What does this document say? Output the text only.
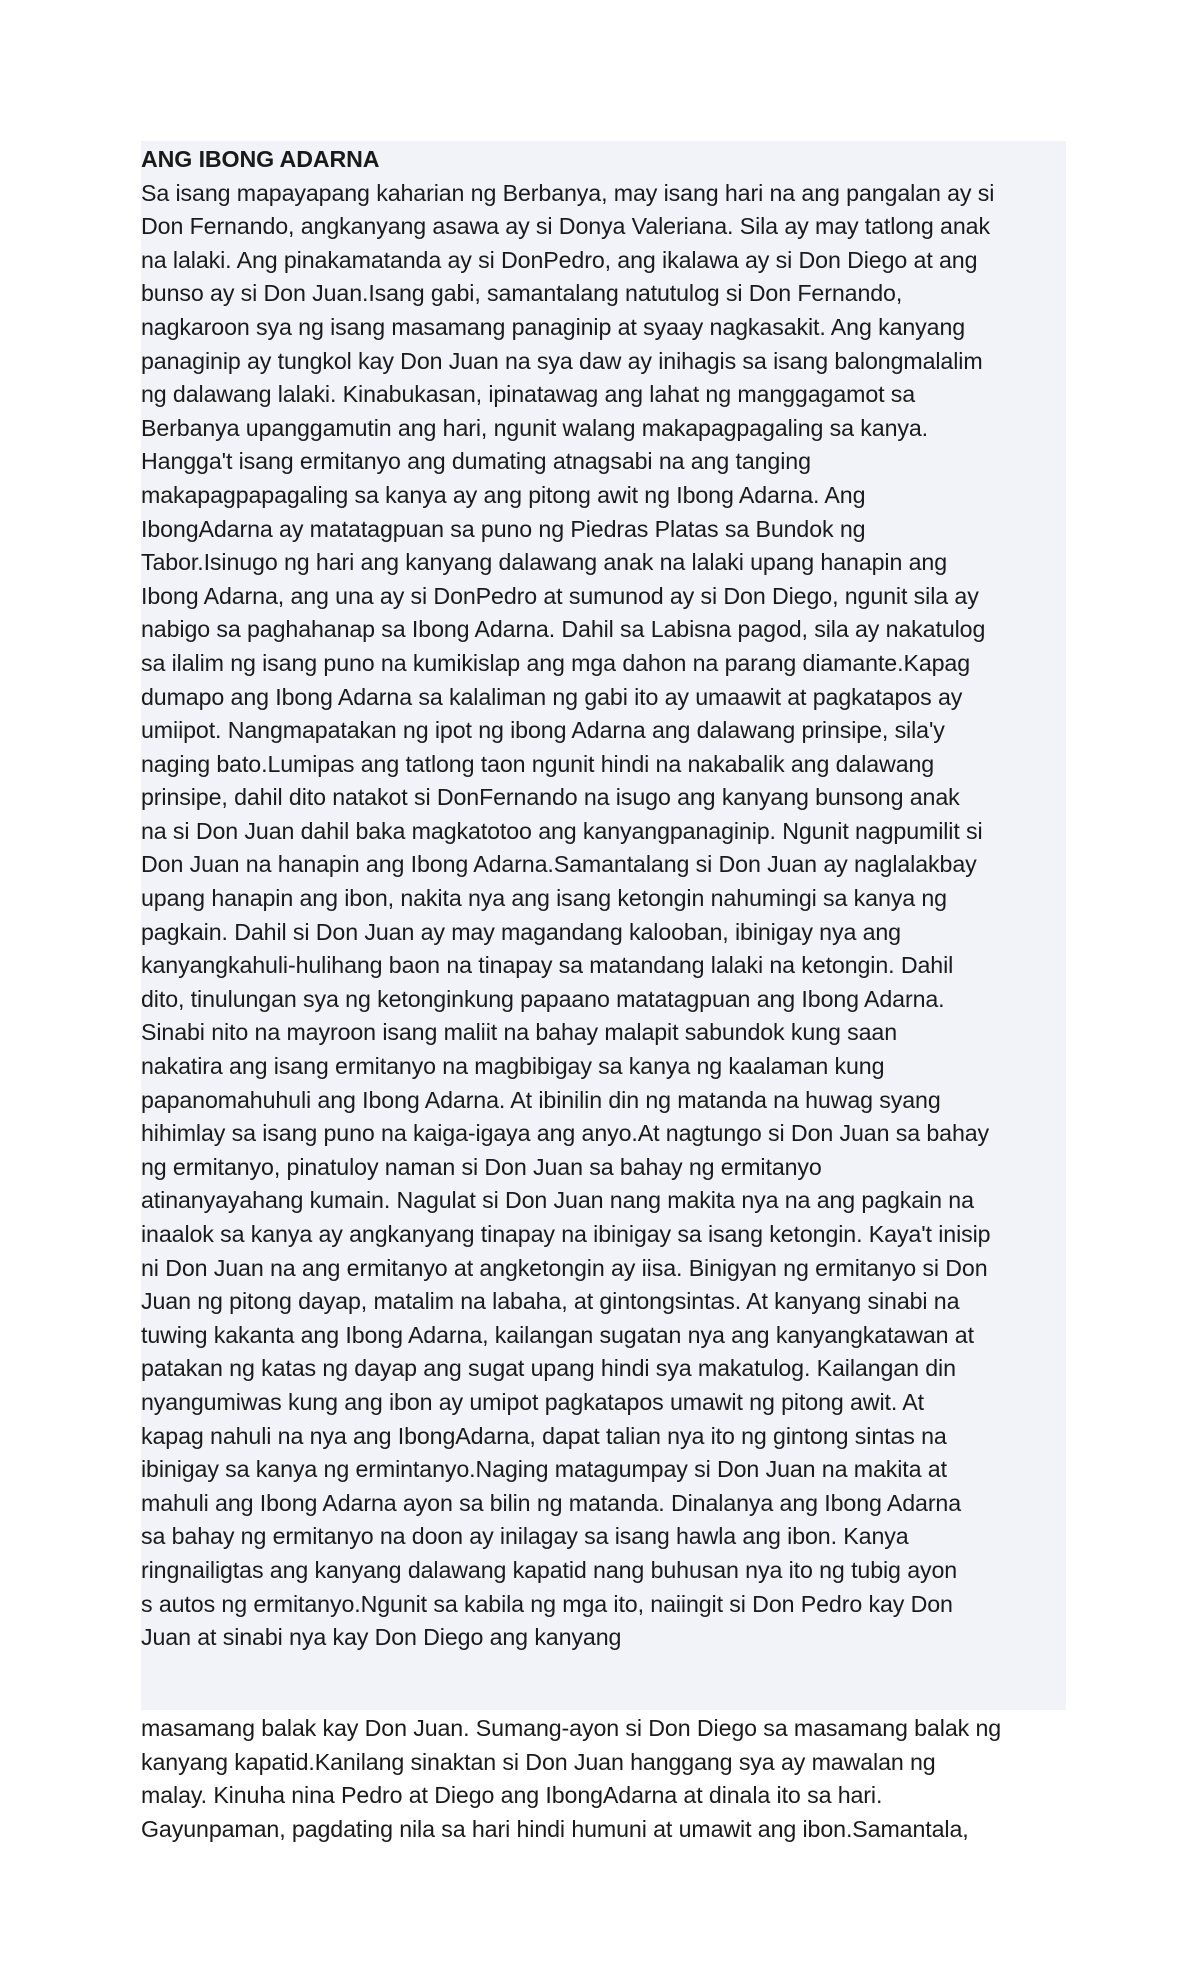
ANG IBONG ADARNA
Sa isang mapayapang kaharian ng Berbanya, may isang hari na ang pangalan ay si
Don Fernando, angkanyang asawa ay si Donya Valeriana. Sila ay may tatlong anak
na lalaki. Ang pinakamatanda ay si DonPedro, ang ikalawa ay si Don Diego at ang
bunso ay si Don Juan.Isang gabi, samantalang natutulog si Don Fernando,
nagkaroon sya ng isang masamang panaginip at syaay nagkasakit. Ang kanyang
panaginip ay tungkol kay Don Juan na sya daw ay inihagis sa isang balongmalalim
ng dalawang lalaki. Kinabukasan, ipinatawag ang lahat ng manggagamot sa
Berbanya upanggamutin ang hari, ngunit walang makapagpagaling sa kanya.
Hangga't isang ermitanyo ang dumating atnagsabi na ang tanging
makapagpapagaling sa kanya ay ang pitong awit ng Ibong Adarna. Ang
IbongAdarna ay matatagpuan sa puno ng Piedras Platas sa Bundok ng
Tabor.Isinugo ng hari ang kanyang dalawang anak na lalaki upang hanapin ang
Ibong Adarna, ang una ay si DonPedro at sumunod ay si Don Diego, ngunit sila ay
nabigo sa paghahanap sa Ibong Adarna. Dahil sa Labisna pagod, sila ay nakatulog
sa ilalim ng isang puno na kumikislap ang mga dahon na parang diamante.Kapag
dumapo ang Ibong Adarna sa kalaliman ng gabi ito ay umaawit at pagkatapos ay
umiipot. Nangmapatakan ng ipot ng ibong Adarna ang dalawang prinsipe, sila'y
naging bato.Lumipas ang tatlong taon ngunit hindi na nakabalik ang dalawang
prinsipe, dahil dito natakot si DonFernando na isugo ang kanyang bunsong anak
na si Don Juan dahil baka magkatotoo ang kanyangpanaginip. Ngunit nagpumilit si
Don Juan na hanapin ang Ibong Adarna.Samantalang si Don Juan ay naglalakbay
upang hanapin ang ibon, nakita nya ang isang ketongin nahumingi sa kanya ng
pagkain. Dahil si Don Juan ay may magandang kalooban, ibinigay nya ang
kanyangkahuli-hulihang baon na tinapay sa matandang lalaki na ketongin. Dahil
dito, tinulungan sya ng ketonginkung papaano matatagpuan ang Ibong Adarna.
Sinabi nito na mayroon isang maliit na bahay malapit sabundok kung saan
nakatira ang isang ermitanyo na magbibigay sa kanya ng kaalaman kung
papanomahuhuli ang Ibong Adarna. At ibinilin din ng matanda na huwag syang
hihimlay sa isang puno na kaiga-igaya ang anyo.At nagtungo si Don Juan sa bahay
ng ermitanyo, pinatuloy naman si Don Juan sa bahay ng ermitanyo
atinanyayahang kumain. Nagulat si Don Juan nang makita nya na ang pagkain na
inaalok sa kanya ay angkanyang tinapay na ibinigay sa isang ketongin. Kaya't inisip
ni Don Juan na ang ermitanyo at angketongin ay iisa. Binigyan ng ermitanyo si Don
Juan ng pitong dayap, matalim na labaha, at gintongsintas. At kanyang sinabi na
tuwing kakanta ang Ibong Adarna, kailangan sugatan nya ang kanyangkatawan at
patakan ng katas ng dayap ang sugat upang hindi sya makatulog. Kailangan din
nyangumiwas kung ang ibon ay umipot pagkatapos umawit ng pitong awit. At
kapag nahuli na nya ang IbongAdarna, dapat talian nya ito ng gintong sintas na
ibinigay sa kanya ng ermintanyo.Naging matagumpay si Don Juan na makita at
mahuli ang Ibong Adarna ayon sa bilin ng matanda. Dinalanya ang Ibong Adarna
sa bahay ng ermitanyo na doon ay inilagay sa isang hawla ang ibon. Kanya
ringnailigtas ang kanyang dalawang kapatid nang buhusan nya ito ng tubig ayon
s autos ng ermitanyo.Ngunit sa kabila ng mga ito, naiingit si Don Pedro kay Don
Juan at sinabi nya kay Don Diego ang kanyang
masamang balak kay Don Juan. Sumang-ayon si Don Diego sa masamang balak ng
kanyang kapatid.Kanilang sinaktan si Don Juan hanggang sya ay mawalan ng
malay. Kinuha nina Pedro at Diego ang IbongAdarna at dinala ito sa hari.
Gayunpaman, pagdating nila sa hari hindi humuni at umawit ang ibon.Samantala,
